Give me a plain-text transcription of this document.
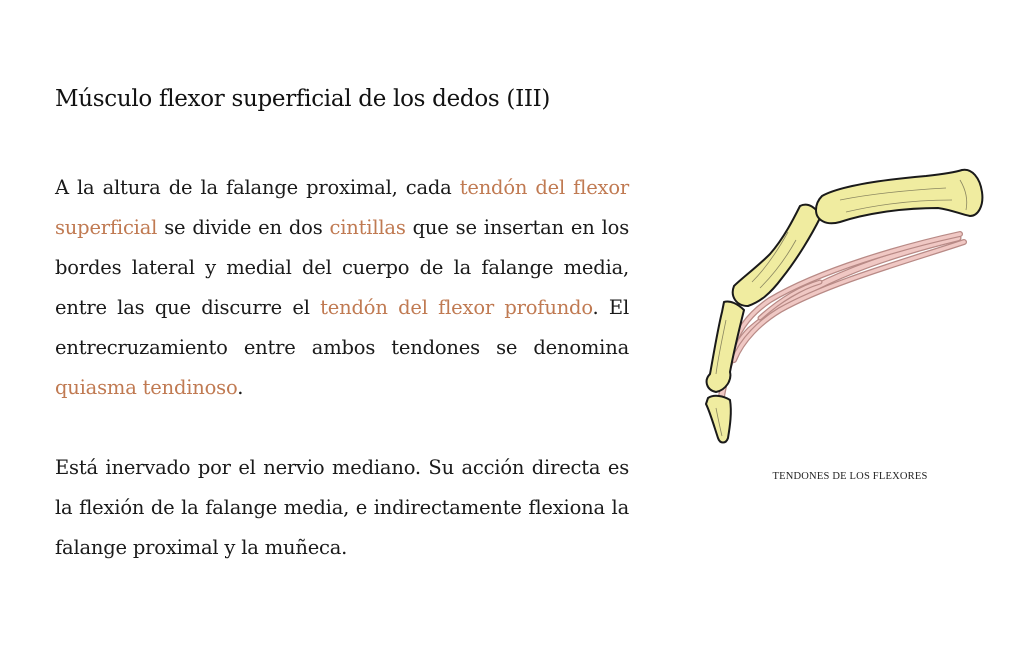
Músculo flexor superficial de los dedos (III)

A la altura de la falange proximal, cada tendón del flexor superficial se divide en dos cintillas que se insertan en los bordes lateral y medial del cuerpo de la falange media, entre las que discurre el tendón del flexor profundo. El entrecruzamiento entre ambos tendones se denomina quiasma tendinoso.

Está inervado por el nervio mediano. Su acción directa es la flexión de la falange media, e indirectamente flexiona la falange proximal y la muñeca.

TENDONES DE LOS FLEXORES
